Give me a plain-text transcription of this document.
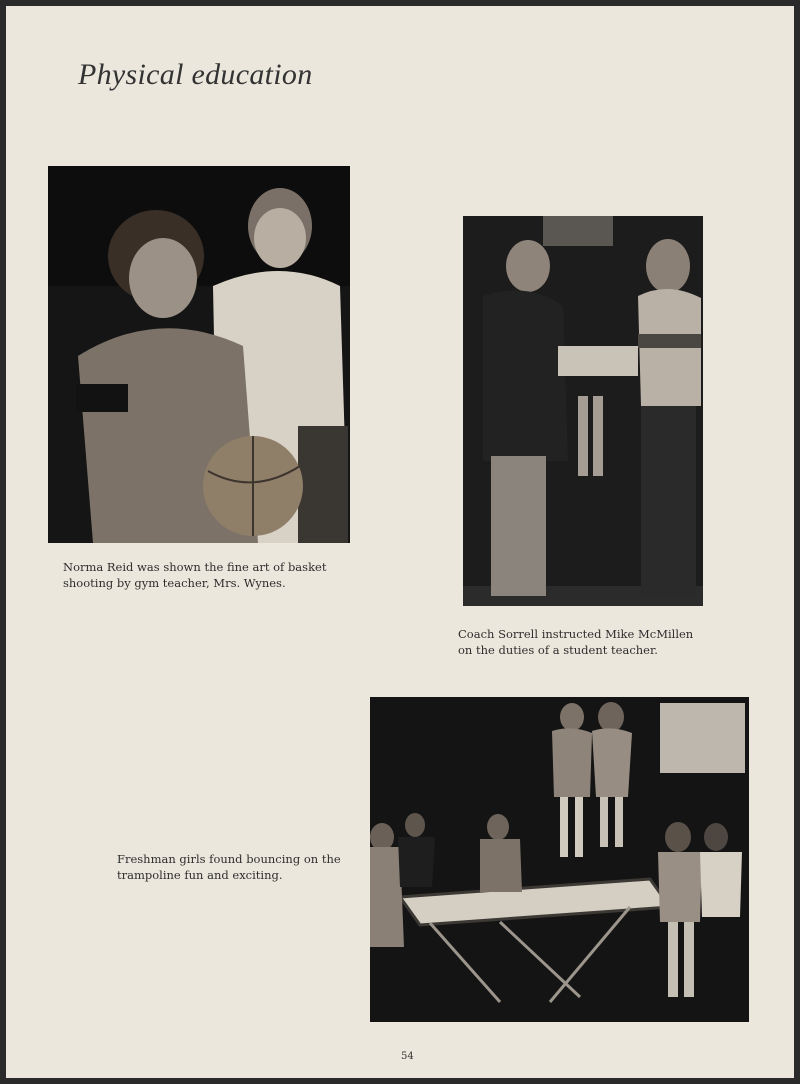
Physical education
Norma Reid was shown the fine art of basket
shooting by gym teacher, Mrs. Wynes.
Coach Sorrell instructed Mike McMillen
on the duties of a student teacher.
Freshman girls found bouncing on the
trampoline fun and exciting.
54
